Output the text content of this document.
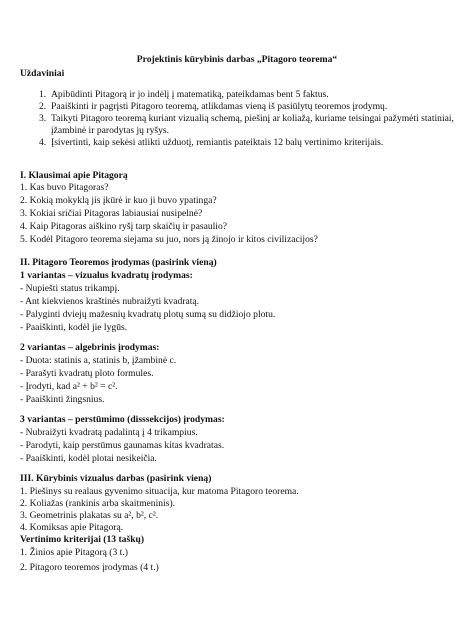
Projektinis kūrybinis darbas „Pitagoro teorema“
Uždaviniai
1. Apibūdinti Pitagorą ir jo indėlį į matematiką, pateikdamas bent 5 faktus.
2. Paaiškinti ir pagrįsti Pitagoro teoremą, atlikdamas vieną iš pasiūlytų teoremos įrodymų.
3. Taikyti Pitagoro teoremą kuriant vizualią schemą, piešinį ar koliažą, kuriame teisingai pažymėti statiniai,
įžambinė ir parodytas jų ryšys.
4. Įsivertinti, kaip sekėsi atlikti užduotį, remiantis pateiktais 12 balų vertinimo kriterijais.
I. Klausimai apie Pitagorą
1. Kas buvo Pitagoras?
2. Kokią mokyklą jis įkūrė ir kuo ji buvo ypatinga?
3. Kokiai sričiai Pitagoras labiausiai nusipelnė?
4. Kaip Pitagoras aiškino ryšį tarp skaičių ir pasaulio?
5. Kodėl Pitagoro teorema siejama su juo, nors ją žinojo ir kitos civilizacijos?
II. Pitagoro Teoremos įrodymas (pasirink vieną)
1 variantas – vizualus kvadratų įrodymas:
- Nupiešti status trikampį.
- Ant kiekvienos kraštinės nubraižyti kvadratą.
- Palyginti dviejų mažesnių kvadratų plotų sumą su didžiojo plotu.
- Paaiškinti, kodėl jie lygūs.
2 variantas – algebrinis įrodymas:
- Duota: statinis a, statinis b, įžambinė c.
- Parašyti kvadratų ploto formules.
- Įrodyti, kad a² + b² = c².
- Paaiškinti žingsnius.
3 variantas – perstūmimo (disssekcijos) įrodymas:
- Nubraižyti kvadratą padalintą į 4 trikampius.
- Parodyti, kaip perstūmus gaunamas kitas kvadratas.
- Paaiškinti, kodėl plotai nesikeičia.
III. Kūrybinis vizualus darbas (pasirink vieną)
1. Piešinys su realaus gyvenimo situacija, kur matoma Pitagoro teorema.
2. Koliažas (rankinis arba skaitmeninis).
3. Geometrinis plakatas su a², b², c².
4. Komiksas apie Pitagorą.
Vertinimo kriterijai (13 taškų)
1. Žinios apie Pitagorą (3 t.)
2. Pitagoro teoremos įrodymas (4 t.)
